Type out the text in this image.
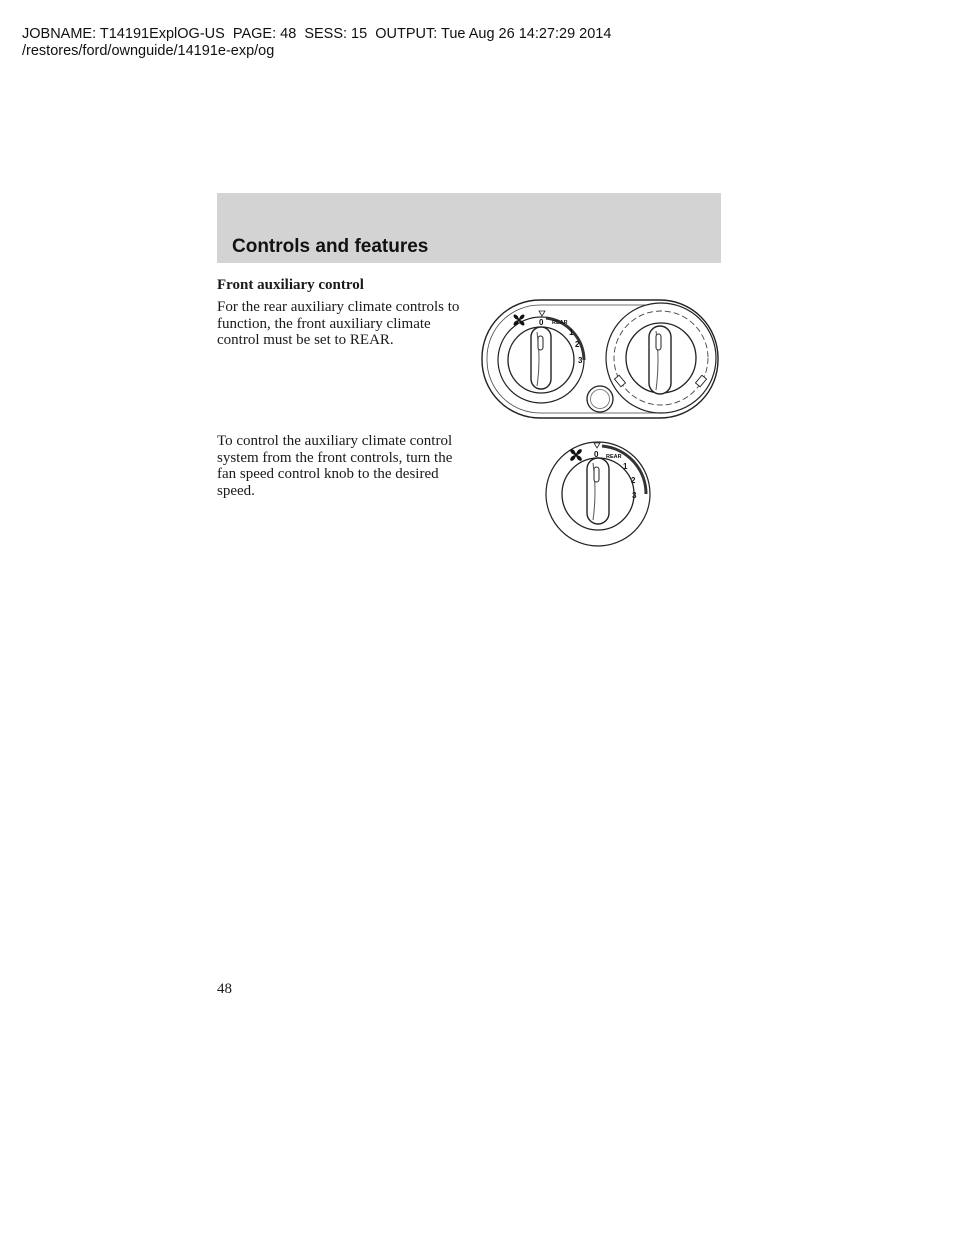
JOBNAME: T14191ExplOG-US  PAGE: 48  SESS: 15  OUTPUT: Tue Aug 26 14:27:29 2014
/restores/ford/ownguide/14191e-exp/og
Controls and features
Front auxiliary control

For the rear auxiliary climate controls to function, the front auxiliary climate control must be set to REAR.

To control the auxiliary climate control system from the front controls, turn the fan speed control knob to the desired speed.

0 REAR
1
2
3
0 REAR
1
2
3
48
